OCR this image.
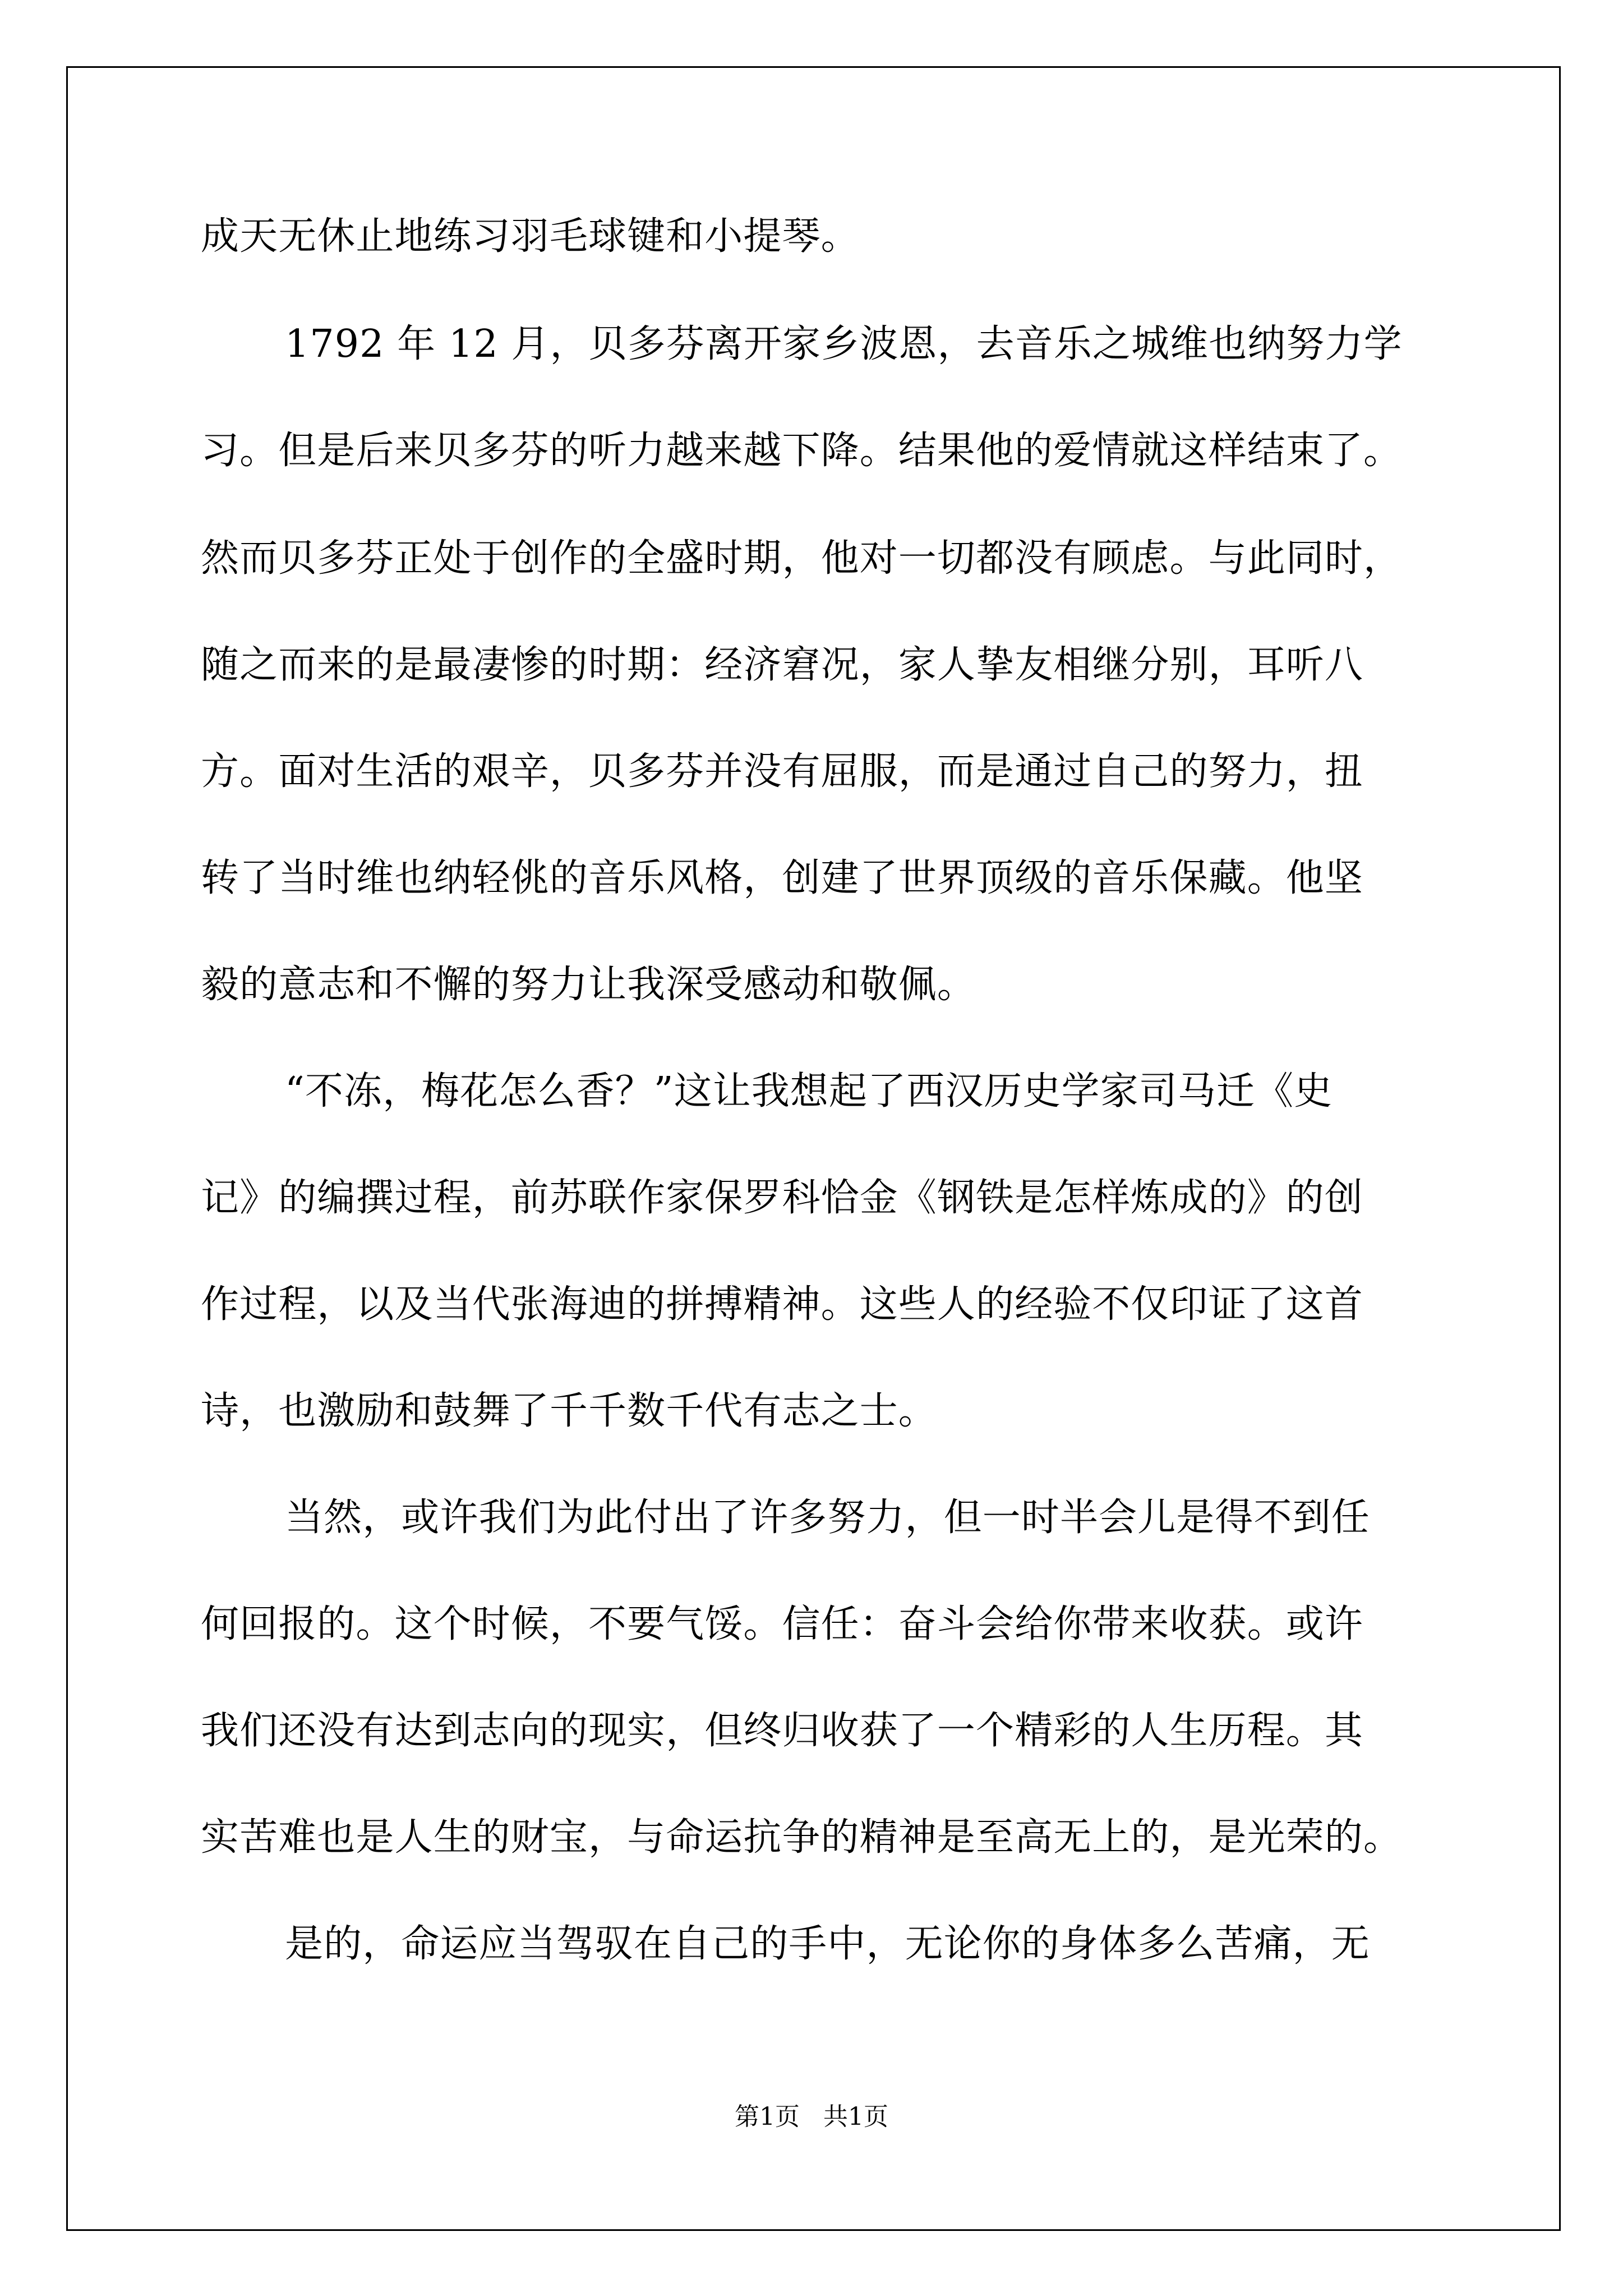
成天无休止地练习羽毛球键和小提琴。
1792 年 12 月，贝多芬离开家乡波恩，去音乐之城维也纳努力学
习。但是后来贝多芬的听力越来越下降。结果他的爱情就这样结束了。
然而贝多芬正处于创作的全盛时期，他对一切都没有顾虑。与此同时，
随之而来的是最凄惨的时期：经济窘况，家人挚友相继分别，耳听八
方。面对生活的艰辛，贝多芬并没有屈服，而是通过自己的努力，扭
转了当时维也纳轻佻的音乐风格，创建了世界顶级的音乐保藏。他坚
毅的意志和不懈的努力让我深受感动和敬佩。
“不冻，梅花怎么香？”这让我想起了西汉历史学家司马迁《史
记》的编撰过程，前苏联作家保罗科恰金《钢铁是怎样炼成的》的创
作过程，以及当代张海迪的拼搏精神。这些人的经验不仅印证了这首
诗，也激励和鼓舞了千千数千代有志之士。
当然，或许我们为此付出了许多努力，但一时半会儿是得不到任
何回报的。这个时候，不要气馁。信任：奋斗会给你带来收获。或许
我们还没有达到志向的现实，但终归收获了一个精彩的人生历程。其
实苦难也是人生的财宝，与命运抗争的精神是至高无上的，是光荣的。
是的，命运应当驾驭在自己的手中，无论你的身体多么苦痛，无
第1页   共1页
